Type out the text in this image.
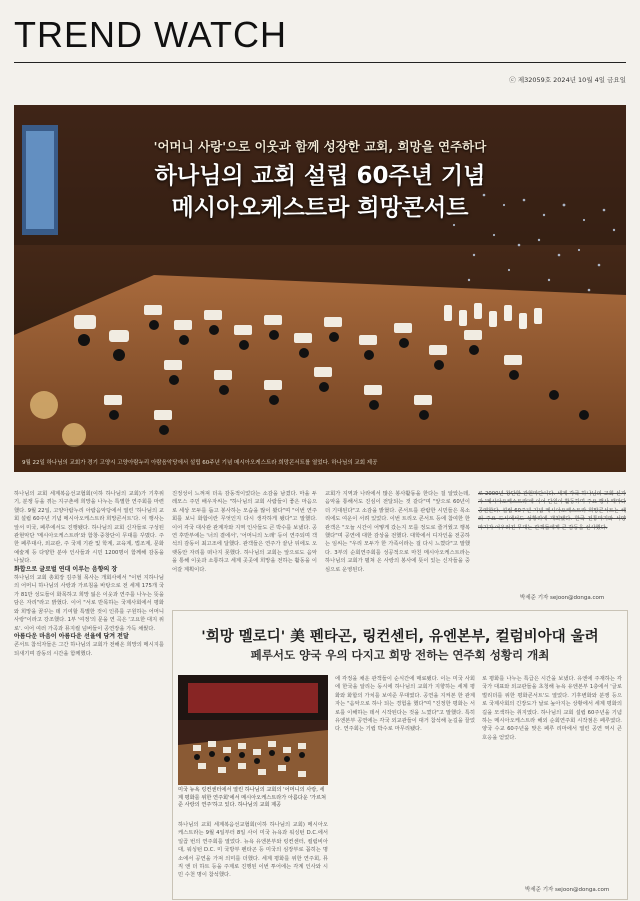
TREND WATCH
ⓒ 제32059호 2024년 10월 4일 금요일
'어머니 사랑'으로 이웃과 함께 성장한 교회, 희망을 연주하다
하나님의 교회 설립 60주년 기념
메시아오케스트라 희망콘서트
9월 22일 하나님의 교회가 경기 고양시 고양아람누리 아람음악당에서 설립 60주년 기념 메시아오케스트라 희망콘서트를 열었다. 하나님의 교회 제공

하나님의 교회 세계복음선교협회(이하 하나님의 교회)가 기후위기, 분쟁 등을 겪는 지구촌에 희망을 나누는 특별한 연주회를 마련했다. 9월 22일, 고양아람누리 아람음악당에서 열린 '하나님의 교회 설립 60주년 기념 메시아오케스트라 희망콘서트'다. 이 행사는 앞서 미국, 페루에서도 진행됐다. 하나님의 교회 신자들로 구성된 관현악단 '메시아오케스트라'와 함창·중창단이 무대를 꾸몄다. 주한 페루대사, 외교관, 주 국제 기관 및 학계, 교육계, 법조계, 문화예술계 등 다양한 분야 인사들과 시민 1200명이 함께해 감동을 나눴다.

화합으로 글로벌 연대 이루는 음향의 장

하나님의 교회 총회장 김주철 목사는 개회사에서 "이번 지하나님의 어머니 하나님의 사랑과 가르침을 바탕으로 전 세계 175개 국가 81만 성도들이 화목하고 희망 잃은 이웃과 연주를 나누는 뜻을 담은 자리"라고 밝혔다. 이어 "서로 반목하는 국제사회에서 평화와 희망을 꿈꾸는 데 기여할 특별한 것이 인류를 구원하는 어머니 사랑"이라고 강조했다. 1부 '여정'의 문을 연 곡은 '고요한 대지 위로'. 이어 여러 가곡과 뮤지컬 넘버들이 공연장을 가득 채웠다.

아름다운 마음이 아름다운 선율에 담겨 전달

콘서트 참석자들은 그간 하나님의 교회가 전해온 희망의 메시지를 되새기며 감동의 시간을 함께했다.

진정성이 느껴져 더욱 감동적이었다는 소감을 남겼다. 마을 두레모스 주민 배우자씨는 "하나님의 교회 사람들이 좋은 마음으로 세상 모두를 돕고 봉사하는 모습을 많이 봤다"며 "이번 연주회를 보니 화합이란 무엇인지 다시 생각하게 됐다"고 말했다. 이어 각국 대사관 관계자와 지역 인사들도 큰 박수를 보냈다. 공연 후반부에는 '너의 곁에서', '어머니의 노래' 등이 연주되며 객석의 감동이 최고조에 달했다. 관객들은 연주가 끝난 뒤에도 오랫동안 자리를 떠나지 못했다. 하나님의 교회는 앞으로도 음악을 통해 이웃과 소통하고 세계 곳곳에 희망을 전하는 활동을 이어갈 계획이다.

교회가 지역과 나라에서 많은 봉사활동을 한다는 걸 알았는데, 음악을 통해서도 진심이 전달되는 것 같다"며 "앞으로 60년이 더 기대된다"고 소감을 밝혔다. 콘서트를 관람한 시민들은 목소리에도 여운이 서려 있었다. 이번 트리오 콘서트 등에 참여한 한 관객은 "오늘 시간이 어떻게 갔는지 모를 정도로 즐거웠고 행복했다"며 공연에 대한 감상을 전했다. 대학에서 디자인을 전공하는 임씨는 "우리 모두가 한 가족이라는 걸 다시 느꼈다"고 말했다. 3부의 순회연주회를 성공적으로 마친 메시아오케스트라는 하나님의 교회가 펼쳐 온 사랑의 봉사에 뜻이 있는 신자들을 중심으로 운영된다.

로 2000년 창단한 관현악단이다. 세계 각국 하나님의 교회 신자가 '메시아오케스트라'에 이어 단원이 활동하며 주요 행사 때마다 공연한다. 설립 60주년 기념 메시아오케스트라 희망콘서트는 해외 주요 도시에서도 성황리에 개최됐다. 한국 전통악기와 서양 악기가 어우러진 무대는 관객들에게 큰 감동을 선사했다.

박세준 기자 sejoon@donga.com
'희망 멜로디' 美 펜타곤, 링컨센터, 유엔본부, 컬럼비아대 울려
페루서도 양국 우의 다지고 희망 전하는 연주회 성황리 개최
미국 뉴욕 링컨센터에서 열린 하나님의 교회의 '어머니의 사랑, 세계 평화를 위한 연주회'에서 메시아오케스트라가 아름다운 '가르쳐 준 사랑의 연주'하고 있다. 하나님의 교회 제공

하나님의 교회 세계복음선교협회(이하 하나님의 교회) 메시아오케스트라는 9월 4일부터 8일 사이 미국 뉴욕과 워싱턴 D.C.에서 일곱 번의 연주회를 열었다. 뉴욕 유엔본부와 링컨센터, 컬럼비아대, 워싱턴 D.C. 미 국방부 펜타곤 등 미국의 심장부로 꼽히는 명소에서 공연을 가져 의미를 더했다. 세계 평화를 위한 연주회, 뮤직 앤 더 하트 등을 주제로 진행된 이번 투어에는 각계 인사와 시민 수천 명이 참석했다.

에 각정을 채운 관객들이 순식간에 매료됐다. 이는 미국 사회에 한국을 알리는 동시에 하나님의 교회가 지향하는 세계 평화와 화합의 가치를 보여준 무대였다. 공연을 지켜본 한 관계자는 "음악으로 하나 되는 경험을 했다"며 "진정한 평화는 서로를 이해하는 데서 시작된다는 것을 느꼈다"고 말했다. 특히 유엔본부 공연에는 각국 외교관들이 대거 참석해 눈길을 끌었다. 연주회는 기립 박수로 마무리됐다.

로 평화를 나누는 특급은 시간을 보냈다. 유엔에 주재하는 각 국가 대표와 외교관들을 초청해 뉴욕 유엔본부 1층에서 '글로벌리더를 위한 평화콘서트'도 열었다. 기후변화와 분쟁 등으로 국제사회의 긴장도가 날로 높아지는 상황에서 세계 평화의 길을 모색하는 취지였다. 하나님의 교회 설립 60주년을 기념하는 메시아오케스트라 해외 순회연주회 시작점은 페루였다. 양국 수교 60주년을 맞은 페루 리마에서 열린 공연 역시 큰 호응을 얻었다.

박세준 기자 sejoon@donga.com
